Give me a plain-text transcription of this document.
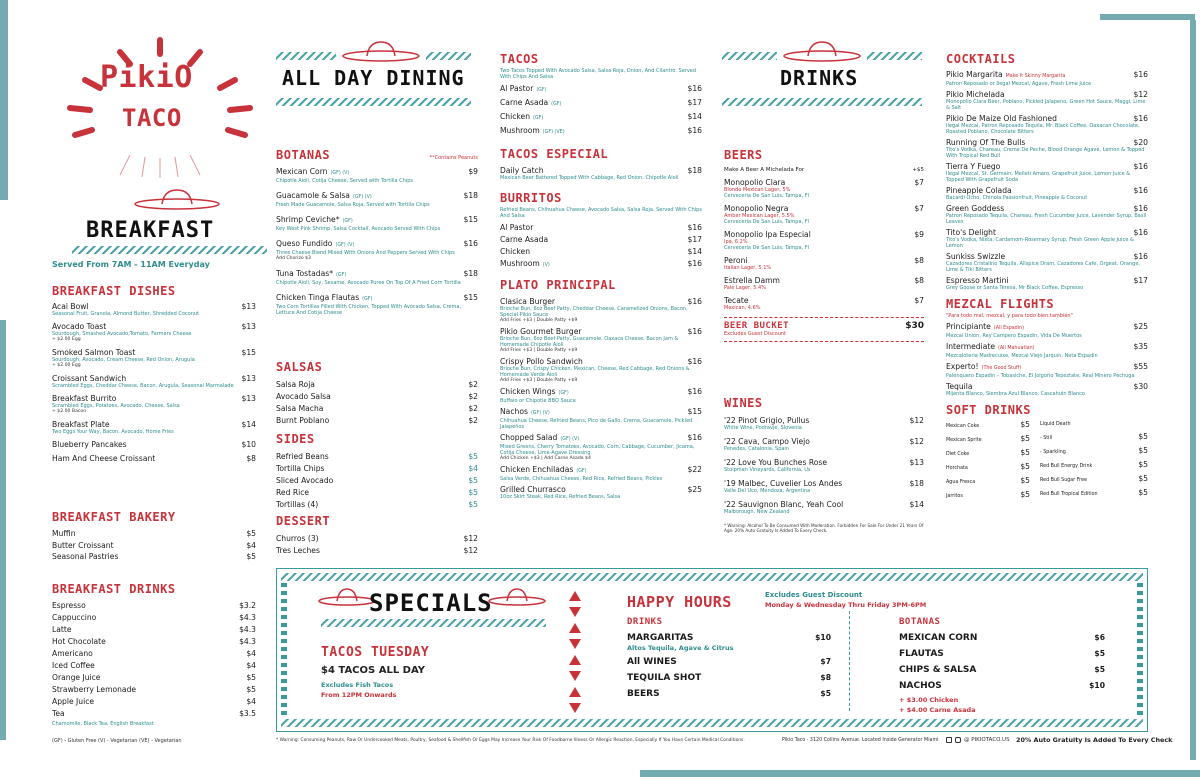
PikiO
TACO
BREAKFAST
Served From 7AM - 11AM Everyday
BREAKFAST DISHES
Acai Bowl	$13
Seasonal Fruit, Granola, Almond Butter, Shredded Coconut
Avocado Toast	$13
Sourdough, Smashed Avocado,Tomato, Farmers Cheese
+ $2.00 Egg
Smoked Salmon Toast	$15
Sourdough, Avocado, Cream Cheese, Red Onion, Arugula
+ $2.00 Egg
Croissant Sandwich	$13
Scrambled Eggs, Cheddar Cheese, Bacon, Arugula, Seasonal Marmalade
Breakfast Burrito	$13
Scrambled Eggs, Potatoes, Avocado, Cheese, Salsa
+ $2.00 Bacon
Breakfast Plate	$14
Two Eggs Your Way, Bacon, Avocado, Home Fries
Blueberry Pancakes	$10
Ham And Cheese Croissant	$8
BREAKFAST BAKERY
Muffin	$5
Butter Croissant	$4
Seasonal Pastries	$5
BREAKFAST DRINKS
Espresso	$3.2
Cappuccino	$4.3
Latte	$4.3
Hot Chocolate	$4.3
Americano	$4
Iced Coffee	$4
Orange Juice	$5
Strawberry Lemonade	$5
Apple Juice	$4
Tea	$3.5
Chamomile, Black Tea, English Breakfast
(GF) - Gluten Free (V) - Vegetarian (VE) - Vegetarian
ALL DAY DINING
BOTANAS	**Contains Peanuts
Mexican Corn (GF) (V)	$9
Chipotle Aioli, Cotija Cheese, Served with Tortilla Chips
Guacamole & Salsa (GF) (V)	$18
Fresh Made Guacamole, Salsa Roja, Served with Tortilla Chips
Shrimp Ceviche* (GF)	$15
Key West Pink Shrimp, Salsa Cocktail, Avocado Served With Chips
Queso Fundido (GF) (V)	$16
Three Cheese Blend Mixed With Onions And Peppers Served With Chips
Add Chorizo $3
Tuna Tostadas* (GF)	$18
Chipotle Aioli, Soy, Sesame, Avocado Puree On Top Of A Fried Corn Tortilla
Chicken Tinga Flautas (GF)	$15
Two Corn Tortillas Filled With Chicken, Topped With Avocado Salsa, Crema, Lettuce And Cotija Cheese
SALSAS
Salsa Roja	$2
Avocado Salsa	$2
Salsa Macha	$2
Burnt Poblano	$2
SIDES
Refried Beans	$5
Tortilla Chips	$4
Sliced Avocado	$5
Red Rice	$5
Tortillas (4)	$5
DESSERT
Churros (3)	$12
Tres Leches	$12
TACOS
Two Tacos Topped With Avocado Salsa, Salsa Roja, Onion, And Cilantro. Served With Chips And Salsa
Al Pastor (GF)	$16
Carne Asada (GF)	$17
Chicken (GF)	$14
Mushroom (GF) (VE)	$16
TACOS ESPECIAL
Daily Catch	$18
Mexican Beer Battered Topped With Cabbage, Red Onion, Chipotle Aioli
BURRITOS
Refried Beans, Chihuahua Cheese, Avocado Salsa, Salsa Roja. Served With Chips And Salsa
Al Pastor	$16
Carne Asada	$17
Chicken	$14
Mushroom (V)	$16
PLATO PRINCIPAL
Clasica Burger	$16
Brioche Bun, 6oz Beef Patty, Cheddar Cheese, Caramelized Onions, Bacon, Special Pikio Sauce
Add Fries +$3 | Double Patty +$9
Pikio Gourmet Burger	$16
Brioche Bun, 6oz Beef Patty, Guacamole, Oaxaca Cheese, Bacon Jam & Homemade Chipotle Aioli
Add Fries +$3 | Double Patty +$9
Crispy Pollo Sandwich	$16
Brioche Bun, Crispy Chicken, Mexican, Cheese, Red Cabbage, Red Onions & Homemade Verde Aioli
Add Fries +$3 | Double Patty +$9
Chicken Wings (GF)	$16
Buffalo or Chipotle BBQ Sauce
Nachos (GF) (V)	$15
Chihuahua Cheese, Refried Beans, Pico de Gallo, Crema, Guacamole, Pickled Jalapeños
Chopped Salad (GF) (V)	$16
Mixed Greens, Cherry Tomatoes, Avocado, Corn, Cabbage, Cucumber, Jicama, Cotija Cheese, Lime-Agave Dressing
Add Chicken +$3 | Add Carne Asada $4
Chicken Enchiladas (GF)	$22
Salsa Verde, Chihuahua Cheese, Red Rice, Refried Beans, Pickles
Grilled Churrasco	$25
10oz Skirt Steak, Red Rice, Refried Beans, Salsa
DRINKS
BEERS
Make A Beer A Michelada For	+$5
Monopolio Clara	$7
Blonde Mexican Lager, 5%
Cerveceria De San Luis, Tampa, Fl
Monopolio Negra	$7
Amber Mexican Lager, 5.5%
Cerveceria De San Luis, Tampa, Fl
Monopolio Ipa Especial	$9
Ipa, 6.2%
Cerveceria De San Luis, Tampa, Fl
Peroni	$8
Italian Lager, 5.1%
Estrella Damm	$8
Pale Lager, 5.4%
Tecate	$7
Mexican, 4.6%
BEER BUCKET	$30
Excludes Guest Discount
WINES
'22 Pinot Grigio, Pullus	$12
White Wine, Podravje, Slovenia
'22 Cava, Campo Viejo	$12
Penedes, Catalonia, Spain
'22 Love You Bunches Rose	$13
Stolpman Vineyards, California, Us
'19 Malbec, Cuvelier Los Andes	$18
Valle Del Uco, Mendoza, Argentina
'22 Sauvignon Blanc, Yeah Cool	$14
Malborough, New Zealand
* Warning: Alcohol To Be Consumed With Moderation. Forbidden For Sale For Under 21 Years Of Age. 20% Auto Gratuity Is Added To Every Check.
COCKTAILS
Pikio Margarita Make It Skinny Margarita	$16
Patron Reposado or Ilegal Mezcal, Agave, Fresh Lime Juice
Pikio Michelada	$12
Monopolio Clara Beer, Poblano, Pickled Jalapeno, Green Hot Sauce, Maggi, Lime & Salt
Pikio De Maize Old Fashioned	$16
Ilegal Mezcal, Patron Reposado Tequila, Mr. Black Coffee, Oaxacan Chocolate, Roasted Poblano, Chocolate Bitters
Running Of The Bulls	$20
Tito's Vodka, Chareau, Creme De Peche, Blood Orange Agave, Lemon & Topped With Tropical Red Bull
Tierra Y Fuego	$16
Ilegal Mezcal, St. Germain, Melleti Amaro, Grapefruit Juice, Lemon Juice & Topped With Grapefruit Soda
Pineapple Colada	$16
Bacardi Ocho, Chinola Passionfruit, Pineapple & Coconut
Green Goddess	$16
Patron Reposado Tequila, Chareau, Fresh Cucumber Juice, Lavender Syrup, Basil Leaves
Tito's Delight	$16
Tito's Vodka, Nixta, Cardamom-Rosemary Syrup, Fresh Green Apple Juice & Lemon
Sunkiss Swizzle	$16
Cazadores Cristalino Tequila, Allspice Dram, Cazadores Cafe, Orgeat, Orange, Lime & Tiki Bitters
Espresso Martini	$17
Grey Goose or Santa Teresa, Mr Black Coffee, Espresso
MEZCAL FLIGHTS
"Para todo mal, mezcal, y para todo bien,también"
Principiante (All Espadin)	$25
Mezcal Union, Rey Campero Espadin, Vida De Muertos
Intermediate (All Mahuatlan)	$35
Mezcaloteria Madrecuixe, Mezcal Viejo Jarquin, Neta Espadin
Experto! (The Good Stuff)	$55
Palenquero Espadin – Tobasiche, El Jolgorio Tepeztate, Real Minero Pechuga
Tequila	$30
Mijenta Blanco, Siembra Azul Blanco, Cascahuin Blanco
SOFT DRINKS
Mexican Coke	$5
Mexican Sprite	$5
Diet Coke	$5
Horchata	$5
Agua Fresca	$5
Jarritos	$5
Liquid Death
- Still	$5
- Sparkling	$5
Red Bull Energy Drink	$5
Red Bull Sugar Free	$5
Red Bull Tropical Edition	$5
SPECIALS
TACOS TUESDAY
$4 TACOS ALL DAY
Excludes Fish Tacos
From 12PM Onwards
HAPPY HOURS	Excludes Guest Discount
Monday & Wednesday Thru Friday 3PM-6PM
DRINKS
MARGARITAS	$10
Altos Tequila, Agave & Citrus
All WINES	$7
TEQUILA SHOT	$8
BEERS	$5
BOTANAS
MEXICAN CORN	$6
FLAUTAS	$5
CHIPS & SALSA	$5
NACHOS	$10
+ $3.00 Chicken
+ $4.00 Carne Asada
* Warning: Consuming Peanuts, Raw Or Undercooked Meats, Poultry, Seafood & Shellfish Or Eggs May Increase Your Risk Of Foodborne Illness Or Allergic Reaction, Especially If You Have Certain Medical Conditions.	Pikio Taco · 3120 Collins Avenue. Located Inside Generator Miami	@ PIKIOTACO.US 20% Auto Gratuity Is Added To Every Check
